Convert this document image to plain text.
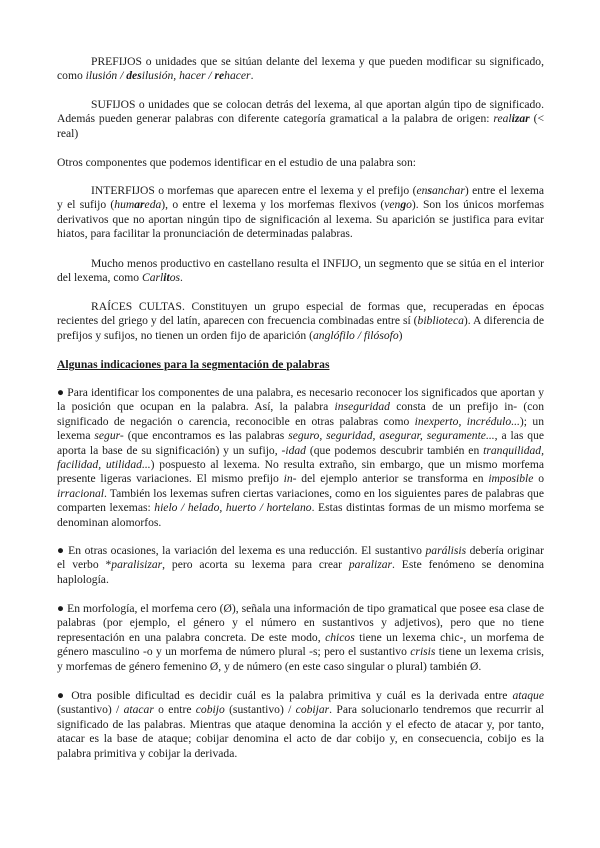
PREFIJOS o unidades que se sitúan delante del lexema y que pueden modificar su significado, como ilusión / desilusión, hacer / rehacer.

SUFIJOS o unidades que se colocan detrás del lexema, al que aportan algún tipo de significado. Además pueden generar palabras con diferente categoría gramatical a la palabra de origen: realizar (< real)

Otros componentes que podemos identificar en el estudio de una palabra son:

INTERFIJOS o morfemas que aparecen entre el lexema y el prefijo (ensanchar) entre el lexema y el sufijo (humareda), o entre el lexema y los morfemas flexivos (vengo). Son los únicos morfemas derivativos que no aportan ningún tipo de significación al lexema. Su aparición se justifica para evitar hiatos, para facilitar la pronunciación de determinadas palabras.

Mucho menos productivo en castellano resulta el INFIJO, un segmento que se sitúa en el interior del lexema, como Carlitos.

RAÍCES CULTAS. Constituyen un grupo especial de formas que, recuperadas en épocas recientes del griego y del latín, aparecen con frecuencia combinadas entre sí (biblioteca). A diferencia de prefijos y sufijos, no tienen un orden fijo de aparición (anglófilo / filósofo)

Algunas indicaciones para la segmentación de palabras

● Para identificar los componentes de una palabra, es necesario reconocer los significados que aportan y la posición que ocupan en la palabra. Así, la palabra inseguridad consta de un prefijo in- (con significado de negación o carencia, reconocible en otras palabras como inexperto, incrédulo...); un lexema segur- (que encontramos es las palabras seguro, seguridad, asegurar, seguramente..., a las que aporta la base de su significación) y un sufijo, -idad (que podemos descubrir también en tranquilidad, facilidad, utilidad...) pospuesto al lexema. No resulta extraño, sin embargo, que un mismo morfema presente ligeras variaciones. El mismo prefijo in- del ejemplo anterior se transforma en imposible o irracional. También los lexemas sufren ciertas variaciones, como en los siguientes pares de palabras que comparten lexemas: hielo / helado, huerto / hortelano. Estas distintas formas de un mismo morfema se denominan alomorfos.

● En otras ocasiones, la variación del lexema es una reducción. El sustantivo parálisis debería originar el verbo *paralisizar, pero acorta su lexema para crear paralizar. Este fenómeno se denomina haplología.

● En morfología, el morfema cero (Ø), señala una información de tipo gramatical que posee esa clase de palabras (por ejemplo, el género y el número en sustantivos y adjetivos), pero que no tiene representación en una palabra concreta. De este modo, chicos tiene un lexema chic-, un morfema de género masculino -o y un morfema de número plural -s; pero el sustantivo crisis tiene un lexema crisis, y morfemas de género femenino Ø, y de número (en este caso singular o plural) también Ø.

● Otra posible dificultad es decidir cuál es la palabra primitiva y cuál es la derivada entre ataque (sustantivo) / atacar o entre cobijo (sustantivo) / cobijar. Para solucionarlo tendremos que recurrir al significado de las palabras. Mientras que ataque denomina la acción y el efecto de atacar y, por tanto, atacar es la base de ataque; cobijar denomina el acto de dar cobijo y, en consecuencia, cobijo es la palabra primitiva y cobijar la derivada.
